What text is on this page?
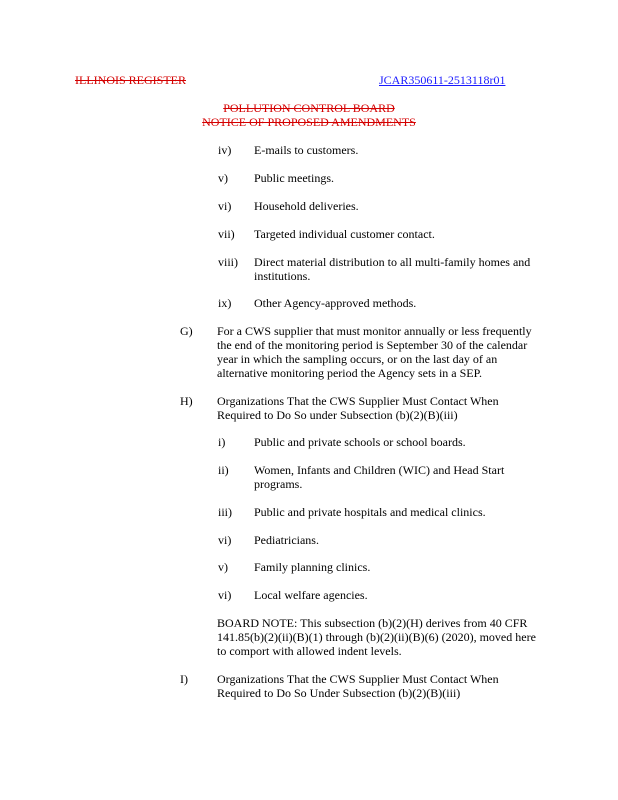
ILLINOIS REGISTER	JCAR350611-2513118r01
POLLUTION CONTROL BOARD
NOTICE OF PROPOSED AMENDMENTS
iv) E-mails to customers.
v) Public meetings.
vi) Household deliveries.
vii) Targeted individual customer contact.
viii) Direct material distribution to all multi-family homes and
institutions.
ix) Other Agency-approved methods.
G) For a CWS supplier that must monitor annually or less frequently
the end of the monitoring period is September 30 of the calendar
year in which the sampling occurs, or on the last day of an
alternative monitoring period the Agency sets in a SEP.
H) Organizations That the CWS Supplier Must Contact When
Required to Do So under Subsection (b)(2)(B)(iii)
i) Public and private schools or school boards.
ii) Women, Infants and Children (WIC) and Head Start
programs.
iii) Public and private hospitals and medical clinics.
vi) Pediatricians.
v) Family planning clinics.
vi) Local welfare agencies.
BOARD NOTE: This subsection (b)(2)(H) derives from 40 CFR
141.85(b)(2)(ii)(B)(1) through (b)(2)(ii)(B)(6) (2020), moved here
to comport with allowed indent levels.
I) Organizations That the CWS Supplier Must Contact When
Required to Do So Under Subsection (b)(2)(B)(iii)
